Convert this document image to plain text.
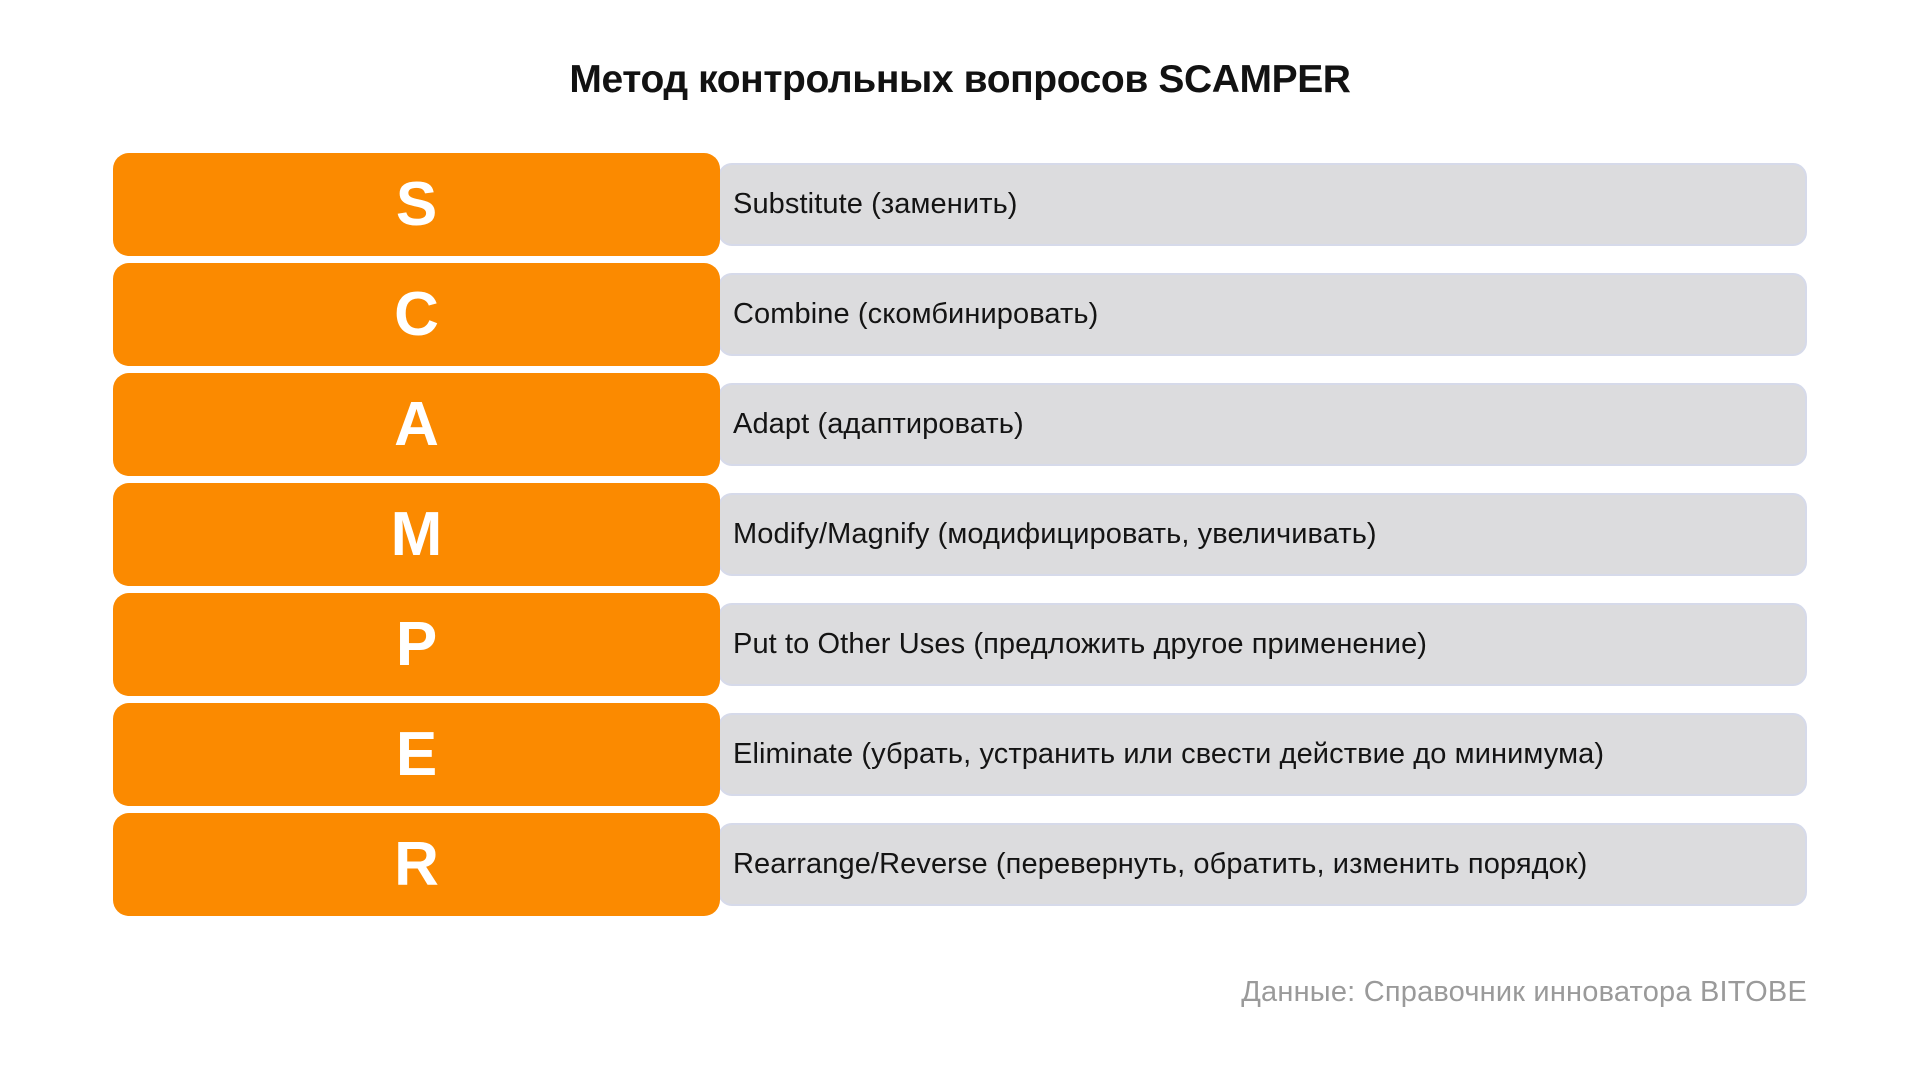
Метод контрольных вопросов SCAMPER
Substitute (заменить)
S
Combine (скомбинировать)
C
Adapt (адаптировать)
A
Modify/Magnify (модифицировать, увеличивать)
M
Put to Other Uses (предложить другое применение)
P
Eliminate (убрать, устранить или свести действие до минимума)
E
Rearrange/Reverse (перевернуть, обратить, изменить порядок)
R
Данные: Справочник инноватора BITOBE
